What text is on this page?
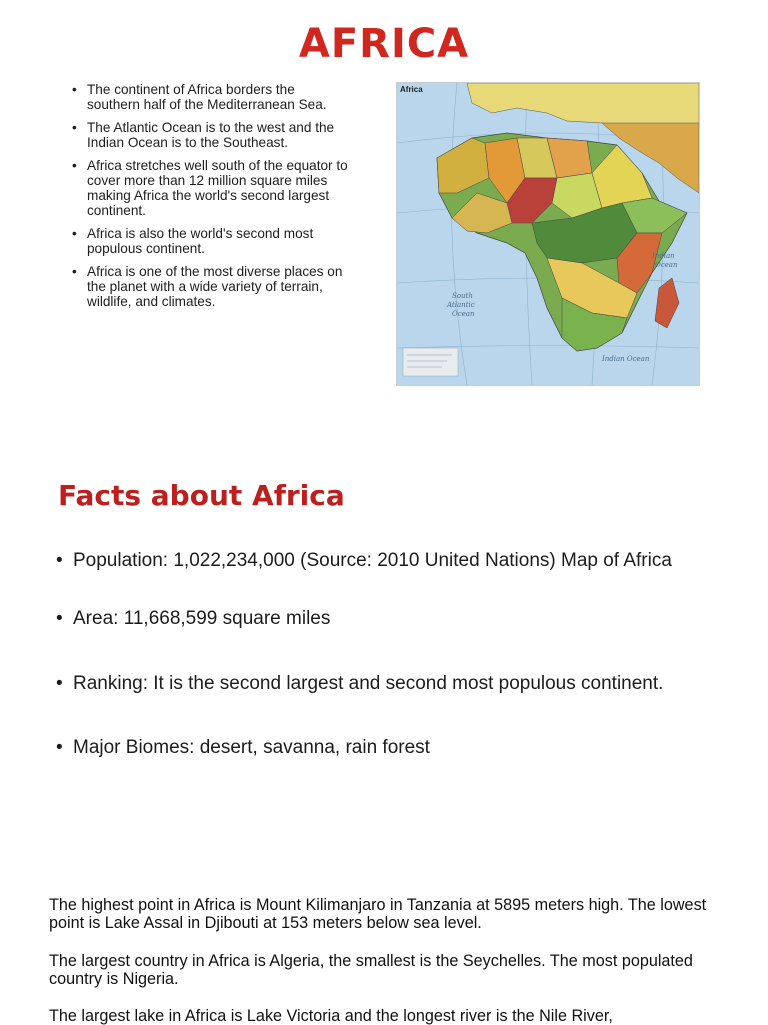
AFRICA
• The continent of Africa borders the southern half of the Mediterranean Sea.
• The Atlantic Ocean is to the west and the Indian Ocean is to the Southeast.
• Africa stretches well south of the equator to cover more than 12 million square miles making Africa the world's second largest continent.
• Africa is also the world's second most populous continent.
• Africa is one of the most diverse places on the planet with a wide variety of terrain, wildlife, and climates.	South
Atlantic
Ocean
Indian
Ocean
Indian Ocean
Africa
Facts about Africa
• Population: 1,022,234,000 (Source: 2010 United Nations) Map of Africa
• Area: 11,668,599 square miles
• Ranking: It is the second largest and second most populous continent.
• Major Biomes: desert, savanna, rain forest

The highest point in Africa is Mount Kilimanjaro in Tanzania at 5895 meters high. The lowest point is Lake Assal in Djibouti at 153 meters below sea level.

The largest country in Africa is Algeria, the smallest is the Seychelles. The most populated country is Nigeria.

The largest lake in Africa is Lake Victoria and the longest river is the Nile River,
